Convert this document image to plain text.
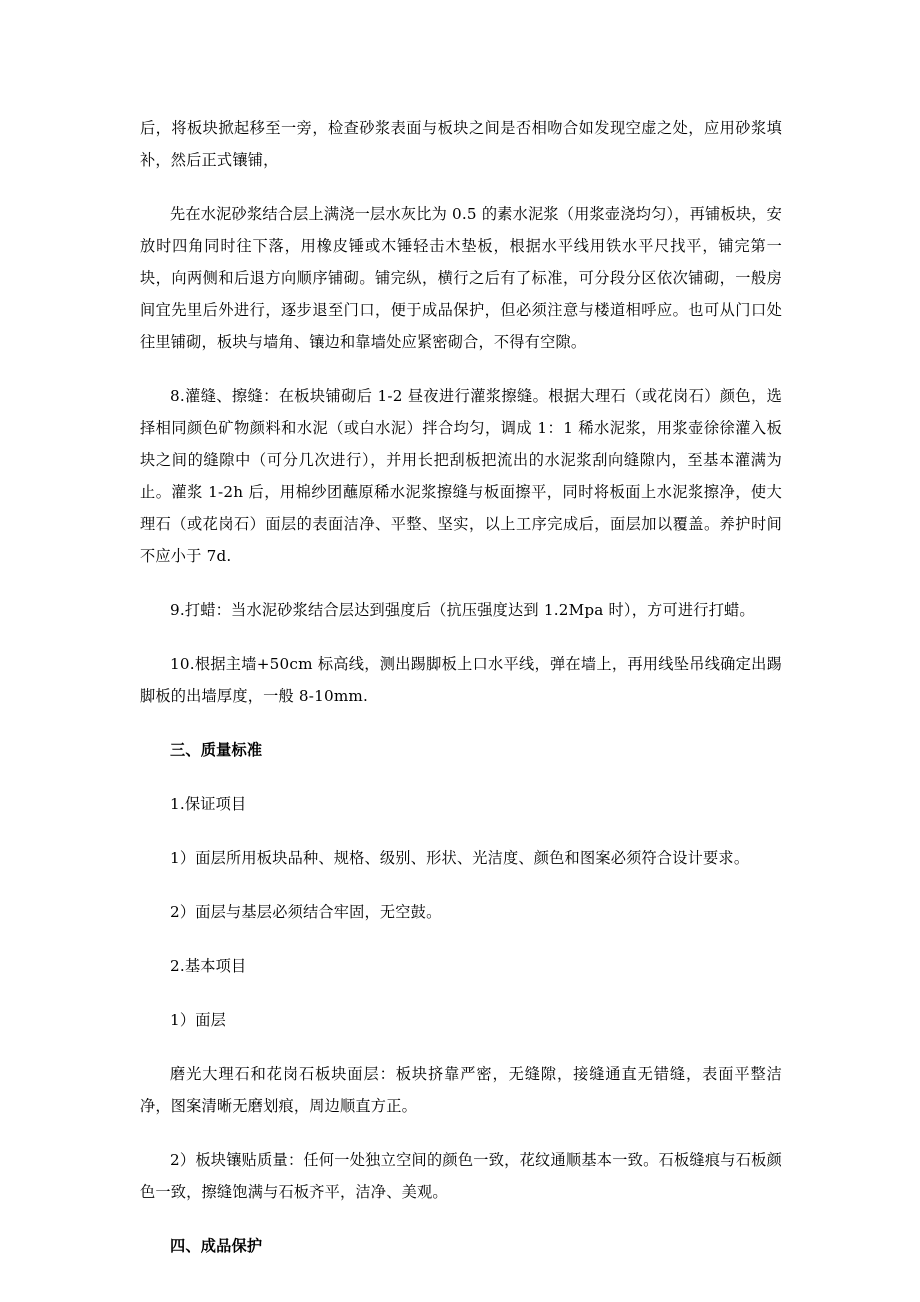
后，将板块掀起移至一旁，检查砂浆表面与板块之间是否相吻合如发现空虚之处，应用砂浆填补，然后正式镶铺，

先在水泥砂浆结合层上满浇一层水灰比为 0.5 的素水泥浆（用浆壶浇均匀），再铺板块，安放时四角同时往下落，用橡皮锤或木锤轻击木垫板，根据水平线用铁水平尺找平，铺完第一块，向两侧和后退方向顺序铺砌。铺完纵，横行之后有了标准，可分段分区依次铺砌，一般房间宜先里后外进行，逐步退至门口，便于成品保护，但必须注意与楼道相呼应。也可从门口处往里铺砌，板块与墙角、镶边和靠墙处应紧密砌合，不得有空隙。

8.灌缝、擦缝：在板块铺砌后 1-2 昼夜进行灌浆擦缝。根据大理石（或花岗石）颜色，选择相同颜色矿物颜料和水泥（或白水泥）拌合均匀，调成 1：1 稀水泥浆，用浆壶徐徐灌入板块之间的缝隙中（可分几次进行），并用长把刮板把流出的水泥浆刮向缝隙内，至基本灌满为止。灌浆 1-2h 后，用棉纱团蘸原稀水泥浆擦缝与板面擦平，同时将板面上水泥浆擦净，使大理石（或花岗石）面层的表面洁净、平整、坚实，以上工序完成后，面层加以覆盖。养护时间不应小于 7d.

9.打蜡：当水泥砂浆结合层达到强度后（抗压强度达到 1.2Mpa 时），方可进行打蜡。

10.根据主墙+50cm 标高线，测出踢脚板上口水平线，弹在墙上，再用线坠吊线确定出踢脚板的出墙厚度，一般 8-10mm.

三、质量标准

1.保证项目

1）面层所用板块品种、规格、级别、形状、光洁度、颜色和图案必须符合设计要求。

2）面层与基层必须结合牢固，无空鼓。

2.基本项目

1）面层

磨光大理石和花岗石板块面层：板块挤靠严密，无缝隙，接缝通直无错缝，表面平整洁净，图案清晰无磨划痕，周边顺直方正。

2）板块镶贴质量：任何一处独立空间的颜色一致，花纹通顺基本一致。石板缝痕与石板颜色一致，擦缝饱满与石板齐平，洁净、美观。

四、成品保护
